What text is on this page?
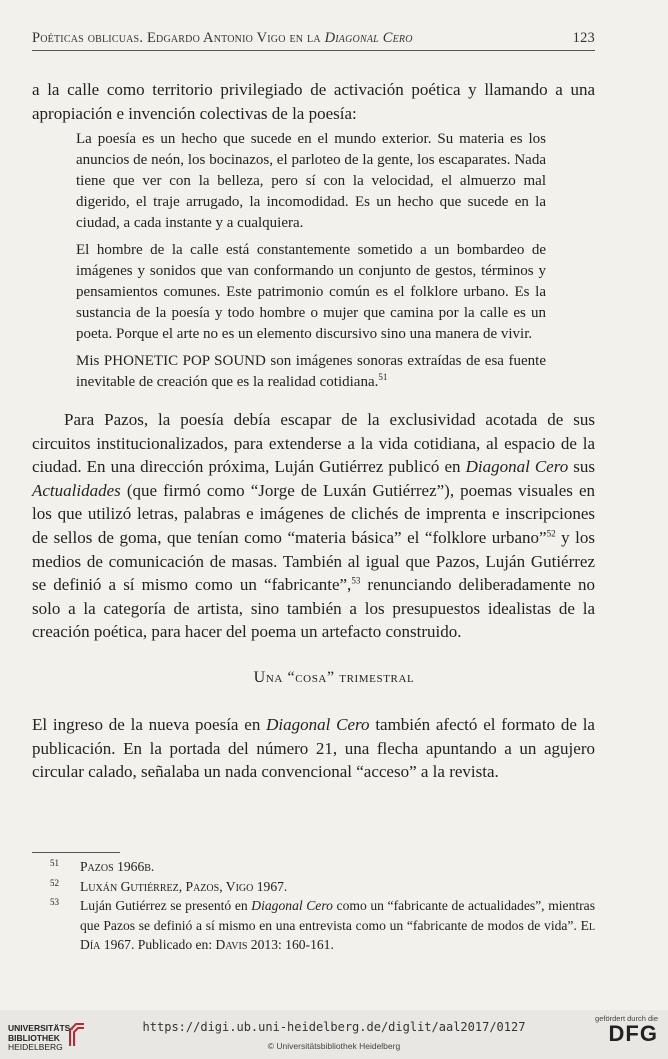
Poéticas oblicuas. Edgardo Antonio Vigo en la Diagonal Cero	123

a la calle como territorio privilegiado de activación poética y llamando a una apropiación e invención colectivas de la poesía:

La poesía es un hecho que sucede en el mundo exterior. Su materia es los anuncios de neón, los bocinazos, el parloteo de la gente, los escaparates. Nada tiene que ver con la belleza, pero sí con la velocidad, el almuerzo mal digerido, el traje arrugado, la incomodidad. Es un hecho que sucede en la ciudad, a cada instante y a cualquiera.

El hombre de la calle está constantemente sometido a un bombardeo de imágenes y sonidos que van conformando un conjunto de gestos, términos y pensamientos comunes. Este patrimonio común es el folklore urbano. Es la sustancia de la poesía y todo hombre o mujer que camina por la calle es un poeta. Porque el arte no es un elemento discursivo sino una manera de vivir.

Mis PHONETIC POP SOUND son imágenes sonoras extraídas de esa fuente inevitable de creación que es la realidad cotidiana.$^{51}$

Para Pazos, la poesía debía escapar de la exclusividad acotada de sus circuitos institucionalizados, para extenderse a la vida cotidiana, al espacio de la ciudad. En una dirección próxima, Luján Gutiérrez publicó en Diagonal Cero sus Actualidades (que firmó como “Jorge de Luxán Gutiérrez”), poemas visuales en los que utilizó letras, palabras e imágenes de clichés de imprenta e inscripciones de sellos de goma, que tenían como “materia básica” el “folklore urbano”$^{52}$ y los medios de comunicación de masas. También al igual que Pazos, Luján Gutiérrez se definió a sí mismo como un “fabricante”,$^{53}$ renunciando deliberadamente no solo a la categoría de artista, sino también a los presupuestos idealistas de la creación poética, para hacer del poema un artefacto construido.

Una “cosa” trimestral

El ingreso de la nueva poesía en Diagonal Cero también afectó el formato de la publicación. En la portada del número 21, una flecha apuntando a un agujero circular calado, señalaba un nada convencional “acceso” a la revista.

51	Pazos 1966b.
52	Luxán Gutiérrez, Pazos, Vigo 1967.
53	Luján Gutiérrez se presentó en Diagonal Cero como un “fabricante de actualidades”, mientras que Pazos se definió a sí mismo en una entrevista como un “fabricante de modos de vida”. El Día 1967. Publicado en: Davis 2013: 160-161.
UNIVERSITÄTS-
BIBLIOTHEK
HEIDELBERG
https://digi.ub.uni-heidelberg.de/diglit/aal2017/0127
© Universitätsbibliothek Heidelberg
gefördert durch die
DFG
